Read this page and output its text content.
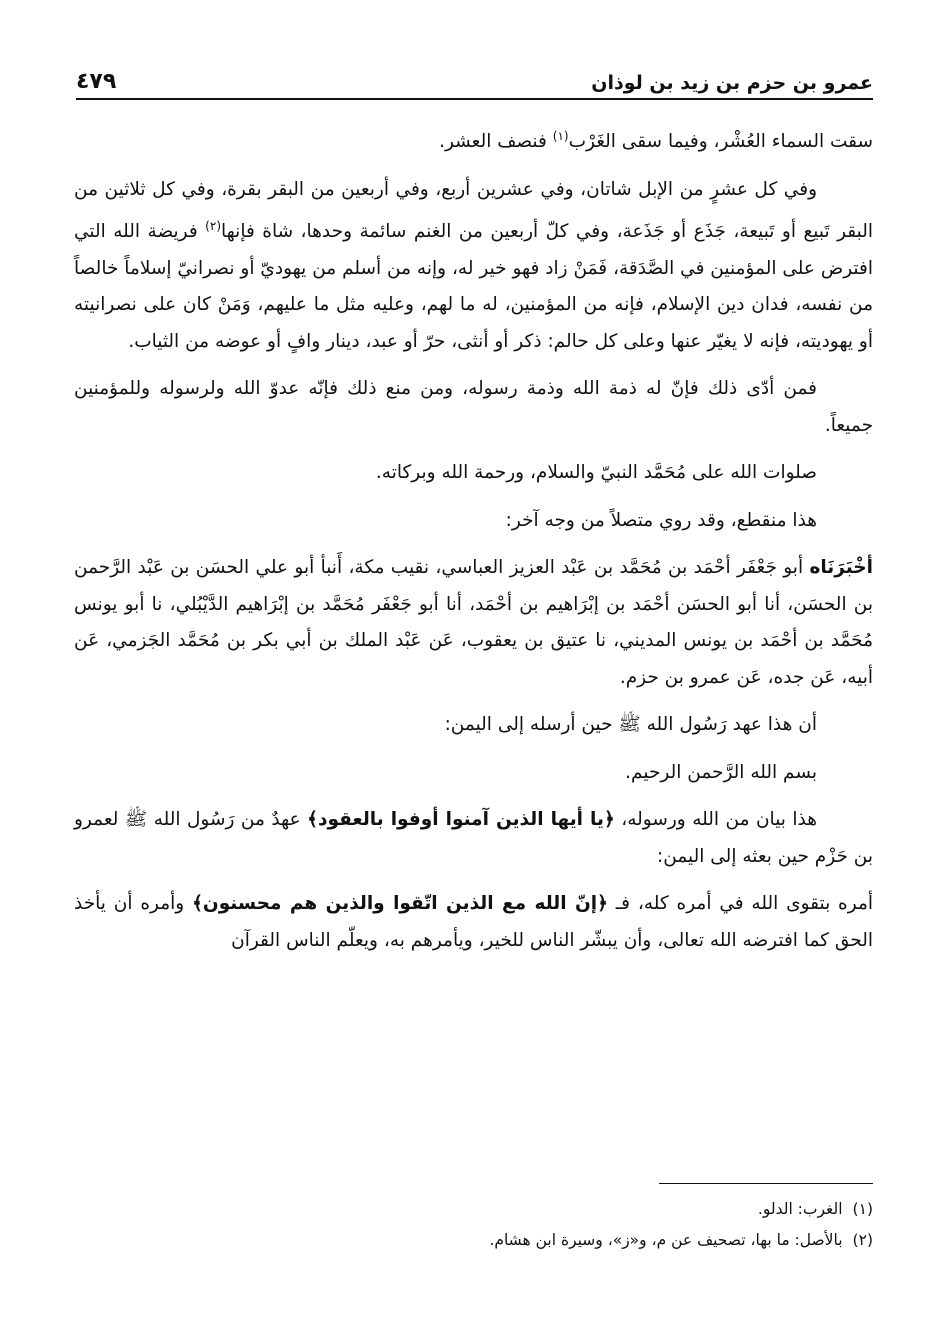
عمرو بن حزم بن زيد بن لوذان
٤٧٩

سقت السماء العُشْر، وفيما سقى الغَرْب$^{(١)}$ فنصف العشر.

وفي كل عشرٍ من الإبل شاتان، وفي عشرين أربع، وفي أربعين من البقر بقرة، وفي كل ثلاثين من البقر تَبيع أو تَبيعة، جَذَع أو جَذَعة، وفي كلّ أربعين من الغنم سائمة وحدها، شاة فإنها$^{(٢)}$ فريضة الله التي افترض على المؤمنين في الصَّدَقة، فَمَنْ زاد فهو خير له، وإنه من أسلم من يهوديّ أو نصرانيّ إسلاماً خالصاً من نفسه، فدان دين الإسلام، فإنه من المؤمنين، له ما لهم، وعليه مثل ما عليهم، وَمَنْ كان على نصرانيته أو يهوديته، فإنه لا يغيّر عنها وعلى كل حالم: ذكر أو أنثى، حرّ أو عبد، دينار وافٍ أو عوضه من الثياب.

فمن أدّى ذلك فإنّ له ذمة الله وذمة رسوله، ومن منع ذلك فإنّه عدوّ الله ولرسوله وللمؤمنين جميعاً.

صلوات الله على مُحَمَّد النبيّ والسلام، ورحمة الله وبركاته.

هذا منقطع، وقد روي متصلاً من وجه آخر:

أخْبَرَنَاه أبو جَعْفَر أحْمَد بن مُحَمَّد بن عَبْد العزيز العباسي، نقيب مكة، أَنبأ أبو علي الحسَن بن عَبْد الرَّحمن بن الحسَن، أنا أبو الحسَن أحْمَد بن إبْرَاهيم بن أحْمَد، أنا أبو جَعْفَر مُحَمَّد بن إبْرَاهيم الدَّيْبُلي، نا أبو يونس مُحَمَّد بن أحْمَد بن يونس المديني، نا عتيق بن يعقوب، عَن عَبْد الملك بن أبي بكر بن مُحَمَّد الجَزمي، عَن أبيه، عَن جده، عَن عمرو بن حزم.

أن هذا عهد رَسُول الله ﷺ حين أرسله إلى اليمن:

بسم الله الرَّحمن الرحيم.

هذا بيان من الله ورسوله، ﴿يا أيها الذين آمنوا أوفوا بالعقود﴾ عهدٌ من رَسُول الله ﷺ لعمرو بن حَزْم حين بعثه إلى اليمن:

أمره بتقوى الله في أمره كله، فـ ﴿إنّ الله مع الذين اتّقوا والذين هم محسنون﴾ وأمره أن يأخذ الحق كما افترضه الله تعالى، وأن يبشّر الناس للخير، ويأمرهم به، ويعلّم الناس القرآن

(١)
الغرب: الدلو.
(٢)
بالأصل: ما بها، تصحيف عن م، و«ز»، وسيرة ابن هشام.
